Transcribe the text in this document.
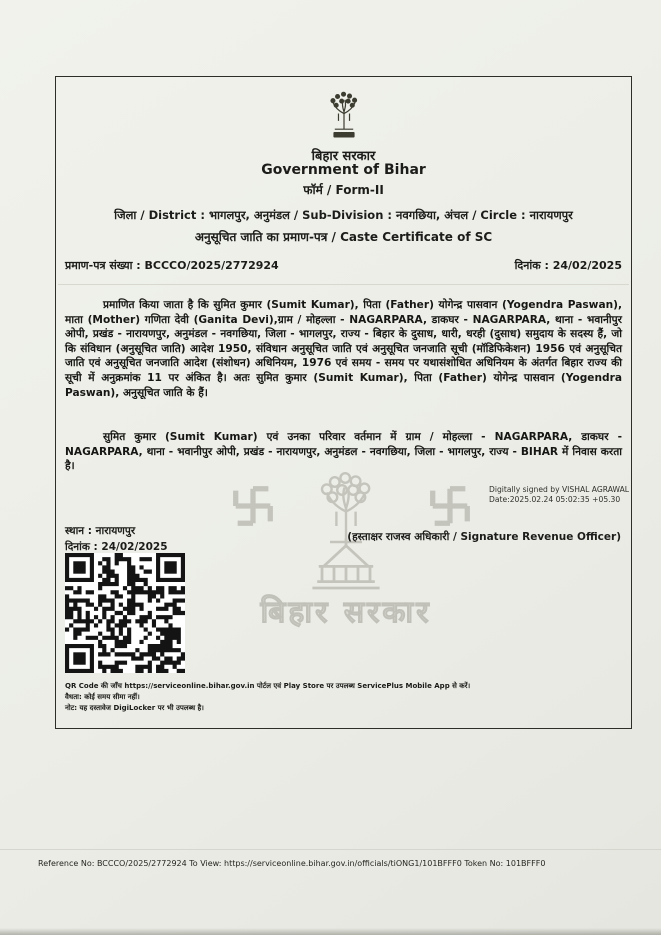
बिहार सरकार
बिहार सरकार
Government of Bihar
फॉर्म / Form-II
जिला / District : भागलपुर, अनुमंडल / Sub-Division : नवगछिया, अंचल / Circle : नारायणपुर
अनुसूचित जाति का प्रमाण-पत्र / Caste Certificate of SC
प्रमाण-पत्र संख्या : BCCCO/2025/2772924	दिनांक : 24/02/2025
प्रमाणित किया जाता है कि सुमित कुमार (Sumit Kumar), पिता (Father) योगेन्द्र पासवान (Yogendra Paswan), माता (Mother) गणिता देवी (Ganita Devi),ग्राम / मोहल्ला - NAGARPARA, डाकघर - NAGARPARA, थाना - भवानीपुर ओपी, प्रखंड - नारायणपुर, अनुमंडल - नवगछिया, जिला - भागलपुर, राज्य - बिहार के दुसाध, धारी, धरही (दुसाध) समुदाय के सदस्य हैं, जो कि संविधान (अनुसूचित जाति) आदेश 1950, संविधान अनुसूचित जाति एवं अनुसूचित जनजाति सूची (मॉडिफिकेशन) 1956 एवं अनुसूचित जाति एवं अनुसूचित जनजाति आदेश (संशोधन) अधिनियम, 1976 एवं समय - समय पर यथासंशोधित अधिनियम के अंतर्गत बिहार राज्य की सूची में अनुक्रमांक 11 पर अंकित है। अतः सुमित कुमार (Sumit Kumar), पिता (Father) योगेन्द्र पासवान (Yogendra Paswan), अनुसूचित जाति के हैं।
सुमित कुमार (Sumit Kumar) एवं उनका परिवार वर्तमान में ग्राम / मोहल्ला - NAGARPARA, डाकघर - NAGARPARA, थाना - भवानीपुर ओपी, प्रखंड - नारायणपुर, अनुमंडल - नवगछिया, जिला - भागलपुर, राज्य - BIHAR में निवास करता है।
Digitally signed by VISHAL AGRAWAL
Date:2025.02.24 05:02:35 +05.30
स्थान : नारायणपुर
दिनांक : 24/02/2025
(हस्ताक्षर राजस्व अधिकारी / Signature Revenue Officer)
QR Code की जाँच https://serviceonline.bihar.gov.in पोर्टल एवं Play Store पर उपलब्ध ServicePlus Mobile App से करें।
वैधता: कोई समय सीमा नहीं।
नोट: यह दस्तावेज DigiLocker पर भी उपलब्ध है।
Reference No: BCCCO/2025/2772924 To View: https://serviceonline.bihar.gov.in/officials/tiONG1/101BFFF0 Token No: 101BFFF0
